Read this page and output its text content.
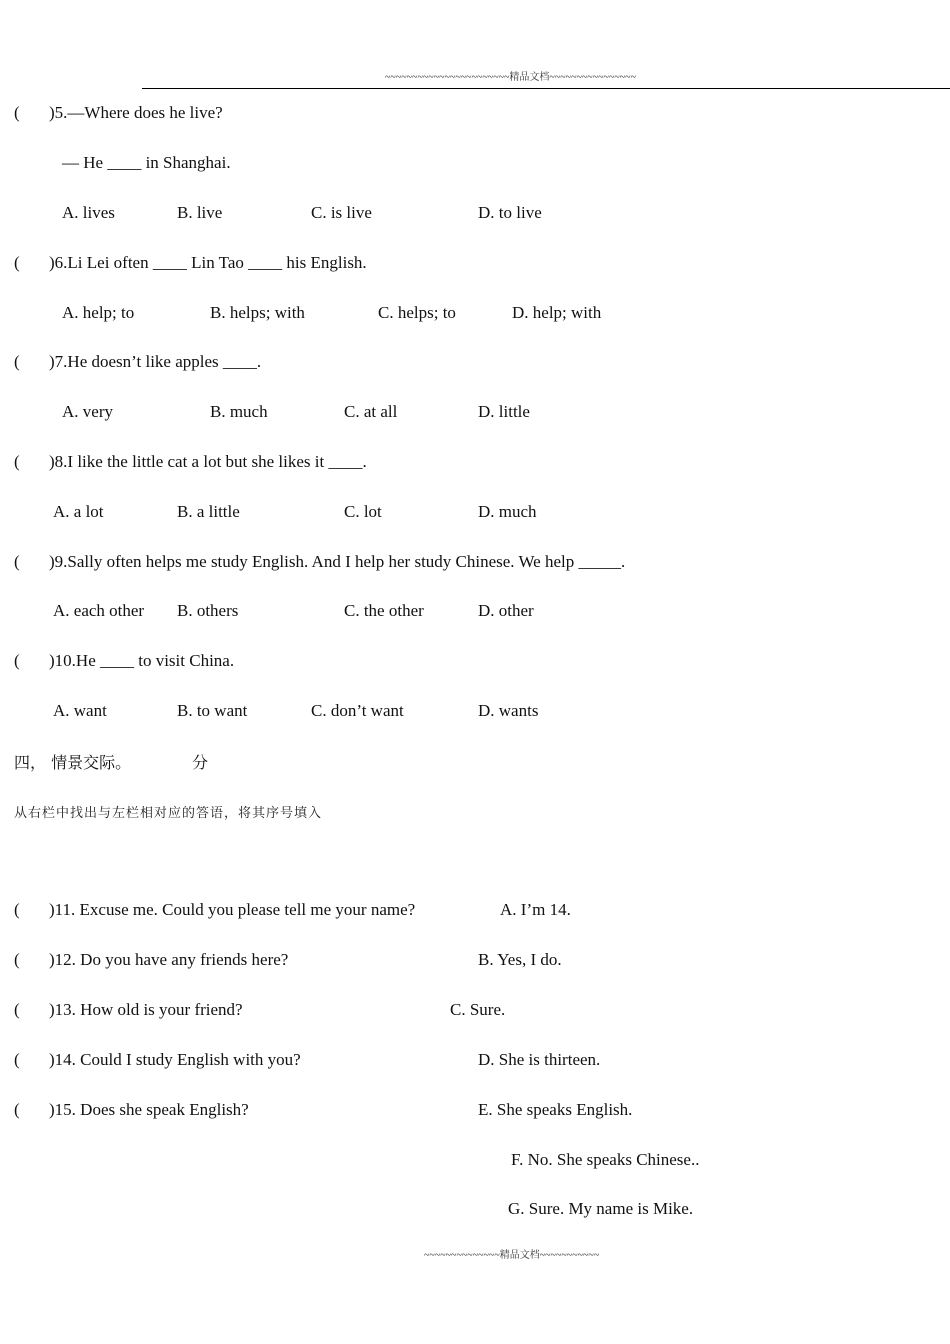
~~~~~~~~~~~~~~~~~~~~~~~精品文档~~~~~~~~~~~~~~~~
( )5.—Where does he live?
— He ____ in Shanghai.
A. lives	B. live	C. is live	D. to live
( )6.Li Lei often ____ Lin Tao ____ his English.
A. help; to	B. helps; with	C. helps; to	D. help; with
( )7.He doesn’t like apples ____.
A. very	B. much	C. at all	D. little
( )8.I like the little cat a lot but she likes it ____.
A. a lot	B. a little	C. lot	D. much
( )9.Sally often helps me study English. And I help her study Chinese. We help _____.
A. each other B. others	C. the other	D. other
( )10.He ____ to visit China.
A. want	B. to want	C. don’t want	D. wants
四， 情景交际。	分
从右栏中找出与左栏相对应的答语，将其序号填入
( )11. Excuse me. Could you please tell me your name?	A. I’m 14.
( )12. Do you have any friends here?	B. Yes, I do.
( )13. How old is your friend?	C. Sure.
( )14. Could I study English with you?	D. She is thirteen.
( )15. Does she speak English?	E. She speaks English.
F. No. She speaks Chinese..
G. Sure. My name is Mike.
~~~~~~~~~~~~~~精品文档~~~~~~~~~~~
